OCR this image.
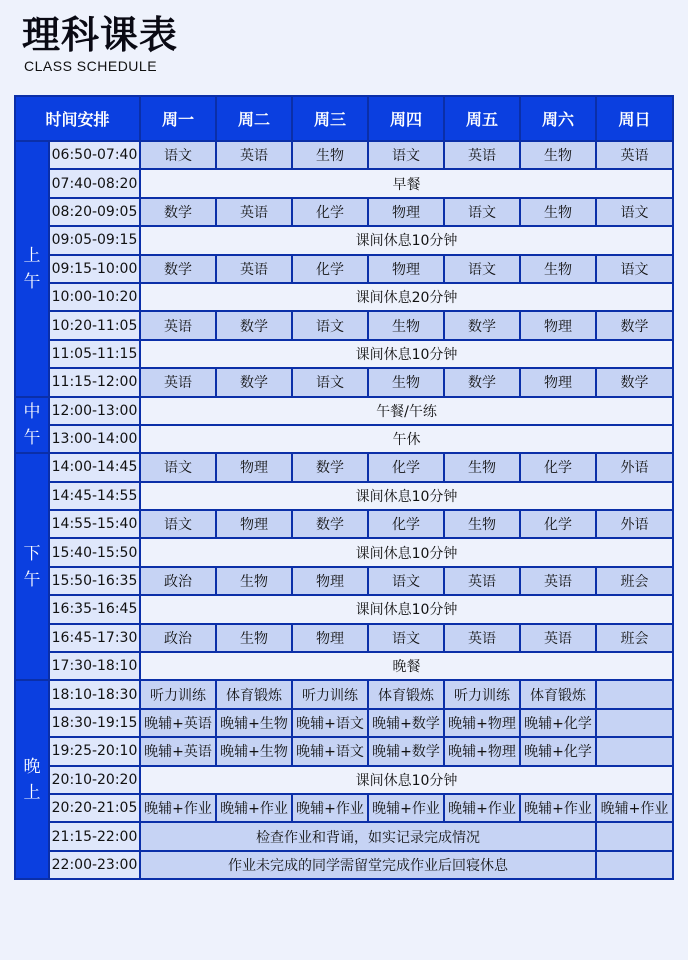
理科课表
CLASS SCHEDULE
时间安排		周一	周二	周三	周四	周五	周六	周日
上
午	06:50-07:40	语文	英语	生物	语文	英语	生物	英语
	07:40-08:20	早餐						
	08:20-09:05	数学	英语	化学	物理	语文	生物	语文
	09:05-09:15	课间休息10分钟						
	09:15-10:00	数学	英语	化学	物理	语文	生物	语文
	10:00-10:20	课间休息20分钟						
	10:20-11:05	英语	数学	语文	生物	数学	物理	数学
	11:05-11:15	课间休息10分钟						
	11:15-12:00	英语	数学	语文	生物	数学	物理	数学
中
午	12:00-13:00	午餐/午练						
	13:00-14:00	午休						
下
午	14:00-14:45	语文	物理	数学	化学	生物	化学	外语
	14:45-14:55	课间休息10分钟						
	14:55-15:40	语文	物理	数学	化学	生物	化学	外语
	15:40-15:50	课间休息10分钟						
	15:50-16:35	政治	生物	物理	语文	英语	英语	班会
	16:35-16:45	课间休息10分钟						
	16:45-17:30	政治	生物	物理	语文	英语	英语	班会
	17:30-18:10	晚餐						
晚
上	18:10-18:30	听力训练	体育锻炼	听力训练	体育锻炼	听力训练	体育锻炼	
	18:30-19:15	晚辅+英语	晚辅+生物	晚辅+语文	晚辅+数学	晚辅+物理	晚辅+化学	
	19:25-20:10	晚辅+英语	晚辅+生物	晚辅+语文	晚辅+数学	晚辅+物理	晚辅+化学	
	20:10-20:20	课间休息10分钟						
	20:20-21:05	晚辅+作业	晚辅+作业	晚辅+作业	晚辅+作业	晚辅+作业	晚辅+作业	晚辅+作业
	21:15-22:00	检查作业和背诵，如实记录完成情况						
	22:00-23:00	作业未完成的同学需留堂完成作业后回寝休息						
